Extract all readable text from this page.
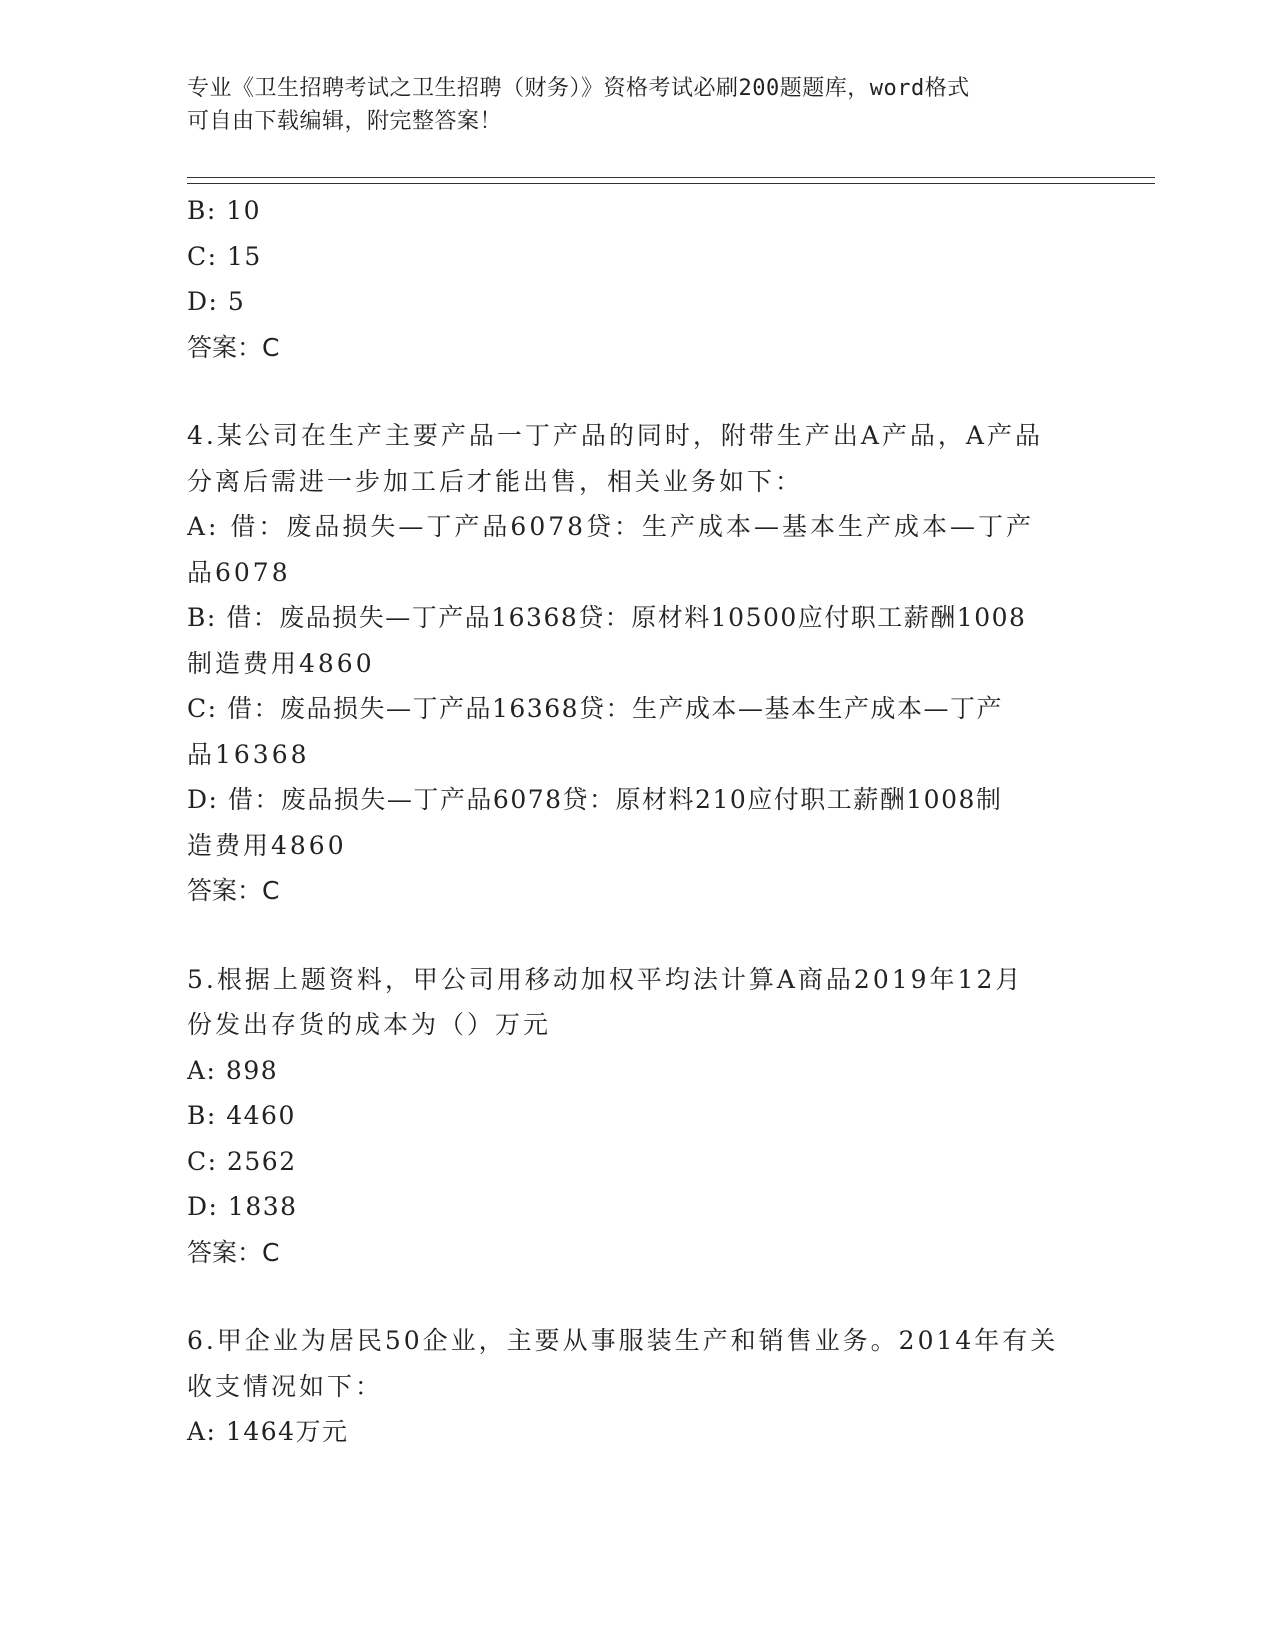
专业《卫生招聘考试之卫生招聘（财务）》资格考试必刷200题题库，word格式
可自由下载编辑，附完整答案！
B: 10
C: 15
D: 5
答案：C
4.某公司在生产主要产品一丁产品的同时，附带生产出A产品，A产品
分离后需进一步加工后才能出售，相关业务如下：
A: 借：废品损失—丁产品6078贷：生产成本—基本生产成本—丁产
品6078
B: 借：废品损失—丁产品16368贷：原材料10500应付职工薪酬1008
制造费用4860
C: 借：废品损失—丁产品16368贷：生产成本—基本生产成本—丁产
品16368
D: 借：废品损失—丁产品6078贷：原材料210应付职工薪酬1008制
造费用4860
答案：C
5.根据上题资料，甲公司用移动加权平均法计算A商品2019年12月
份发出存货的成本为（）万元
A: 898
B: 4460
C: 2562
D: 1838
答案：C
6.甲企业为居民50企业，主要从事服装生产和销售业务。2014年有关
收支情况如下：
A: 1464万元
